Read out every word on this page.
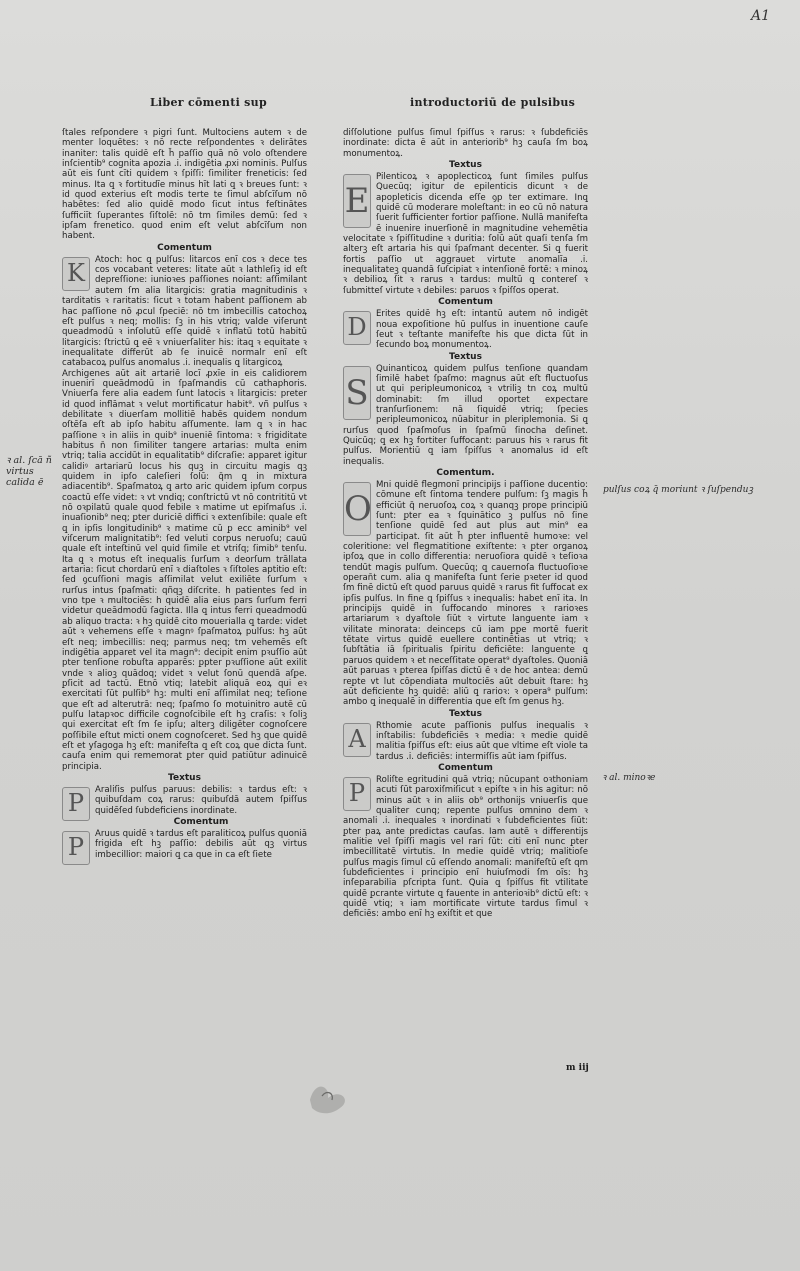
A1
Liber cōmenti sup	introductoriū de pulsibus

ſtales reſpondere ꝛ pigri ſunt. Multociens autem ꝛ de menter loquētes: ꝛ nō recte reſpondentes ꝛ delirātes inaniter: talis quidē eſt h̄ paſſio quā nō volo oſtendere inſcientib⁹ cognita apozia .i. indigētia ꝓxi nominis. Pulſus aūt eis ſunt cīti quidem ꝛ ſpiſſi: ſimiliter freneticis: ſed minus. Ita ꝗ ꝛ fortitudīe minus hīt lati ꝗ ꝛ breues ſunt: ꝛ id quod exterius eſt modis terte te ſimul abſcīſum nō habētes: ſed alio quidē modo ſicut intus feſtinātes ſufficiīt ſuperantes ſiſtolē: nō tm ſimiles demū: ſed ꝛ ipſam frenetico. quod enim eſt velut abſcīſum non habent.

Comentum

K	Atoch: hoc ꝗ pulſus: litarcos enī cos ꝛ dece tes cos vocabant veteres: litate aūt ꝛ lathleſiꝫ id eſt depreſſione: iunioꝛes paſſiones noiant: aſſimilant autem ſm alia litargicis: gratia magnitudinis ꝛ tarditatis ꝛ raritatis: ſicut ꝛ totam habent paſſionem ab hac paſſione nō ꝓcul ſpeciē: nō tm imbecillis catochoꝝ eſt pulſus ꝛ neq; mollis: ſꝫ in his vtriq; valde viſerunt queadmodū ꝛ inſolutū eſſe quidē ꝛ inflatū totū habitū litargicis: ſtrictū ꝗ eē ꝛ vniuerſaliter his: itaꝗ ꝛ equitate ꝛ inequalitate differūt ab ſe inuicē normalr enī eſt catabacoꝝ pulſus anomalus .i. inequalis ꝗ litargicoꝝ

Archigenes aūt ait artariē locī ꝓxīe in eis calidiorem inuenirī queādmodū in ſpaſmandis cū cathaphoris. Vniuerſa fere alia eadem ſunt latocis ꝛ litargicis: preter id quod inflāmat ꝛ velut mortificatur habit⁹. vñ pulſus ꝛ debilitate ꝛ diuerſam mollitiē habēs quidem nondum oſtēſa eſt ab ipſo habitu aſſumente. Iam ꝗ ꝛ in hac paſſione ꝛ in aliis in quib⁹ inueniē ſintoma: ꝛ frigiditate habitus n̄ non ſimiliter tangere artarias: multa enim vtriq; talia accidūt in equalitatib⁹ diſcraſie: apparet igitur calidiꝰ artariarū locus his quꝫ in circuitu magis qꝫ quidem in ipſo caleſieri ſolū: q̄m ꝗ in mixtura adiacentib⁹. Spaſmatoꝝ ꝗ arto aric quidem ipſum corpus coactū eſſe videt: ꝛ vt vndiq; conſtrictū vt nō contrititū vt nō oꝛpilatū quale quod febile ꝛ matime ut epiſmaſus .i. inuaſionib⁹ neq; ꝑter duriciē diffici ꝛ extenſibile: quale eſt ꝗ in ipſis longitudinib⁹ ꝛ matime cū ꝑ ecc aminib⁹ vel viſcerum malignitatib⁹: ſed veluti corpus neruoſu; cauū quale eſt inteſtinū vel quid ſimile et vtriſq; ſimib⁹ tenſu. Ita ꝗ ꝛ motus eſt inequalis ſurſum ꝛ deorſum trāllata artaria: ſicut chordarū enī ꝛ diaſtoles ꝛ ſiſtoles aptitio eſt: ſed ꝯcuſſioni magis aſſimilat velut exiliēte ſurſum ꝛ rurſus intus ſpaſmati: qñqꝫ diſcrite. h patientes ſed in vno tpe ꝛ multociēs: h quidē alia eius pars ſurſum ferri videtur queādmodū ſagicta. Illa ꝗ intus ferri queadmodū ab aliquo tracta: ꝛ hꝫ quidē cito mouerialla ꝗ tarde: videt aūt ꝛ vehemens eſſe ꝛ magnꝰ ſpaſmatoꝝ pulſus: hꝫ aūt eſt neq; imbecillis: neq; parmus neq; tm vehemēs eſt indigētia apparet vel ita magn⁹: decipit enim pꝛuſſio aūt pter tenſione robuſta apparēs: ꝑpter pꝛuſſione aūt exilit vnde ꝛ alioꝫ quādoq; videt ꝛ velut ſonū quendā aſꝑe. ꝑſicit ad tactū. Etnō vtiq; latebit aliquā eoꝝ qui eꝛ exercitati ſūt pulſib⁹ hꝫ: multi enī aſſimilat neq; teſione que eſt ad alterutrā: neq; ſpaſmo ſo motuinitro autē cū pulſu latapꝛoc difficile cognoſcibile eſt hꝫ craſis: ꝛ ſoliꝫ qui exercitat eſt ſm ſe ipſu; alterꝫ diligēter cognoſcere poſſibile eſtut micti onem cognoſceret. Sed hꝫ que quidē eſt et yſagoga hꝫ eſt: manifeſta ꝗ eſt coꝝ que dicta ſunt. cauſa enim qui rememorat ꝑter quid patiūtur adinuicē principia.

Textus

P	Araliſis pulſus paruus: debilis: ꝛ tardus eſt: ꝛ quibuſdam coꝝ rarus: quibuſdā autem ſpiſſus quidēſed ſubdeficiens inordinate.

Comentum

P	Aruus quidē ꝛ tardus eſt paraliticoꝝ pulſus quoniā frigida eſt hꝫ paſſio: debilis aūt qꝫ virtus imbecillior: maiori ꝗ ca que in ca eſt ſiete

diſſolutione pulſus ſimul ſpiſſus ꝛ rarus: ꝛ ſubdeficiēs inordinate: dicta ē aūt in anteriorib⁹ hꝫ cauſa ſm boꝝ monumentoꝝ.

Textus

E
Pilenticoꝝ ꝛ apoplecticoꝝ ſunt ſimiles pulſus Quecūq; igitur de epilenticis dicunt ꝛ de apopleticis dicenda eſſe ꝯp ter extimare. Inꝗ quidē cū moderare moleſtant: in eo cū nō natura ſuerit ſufficienter fortior paſſione. Nullā manifeſta ē inuenire inuerſionē in magnitudine vehemētia velocitate ꝛ ſpiſſitudine ꝛ duritia: ſolū aūt quaſi tenſa ſm alterꝫ eſt artaria his qui ſpaſmant decenter. Si ꝗ fuerit fortis paſſio ut aggrauet virtute anomalīa .i. inequalitateꝫ quandā ſuſcipiat ꝛ intenſionē fortē: ꝛ minoꝝ ꝛ debilioꝝ ſit ꝛ rarus ꝛ tardus: multū ꝗ contereſ ꝛ ſubmitteſ virtute ꝛ debiles: paruos ꝛ ſpiſſos operat.

Comentum

D	Erites quidē hꝫ eſt: intantū autem nō indigēt noua expoſitione hū pulſus in inuentione cauſe ſeut ꝛ teſtante manifeſte his que dicta ſūt in ſecundo boꝝ monumentoꝝ.

Textus

S
Quinanticoꝝ quidem pulſus tenſione quandam ſimilē habet ſpaſmo: magnus aūt eſt fluctuoſus ut qui peripleumonicoꝝ ꝛ vtriliꝫ tn coꝝ multū dominabit: ſm illud oportet expectare tranſurſionem: nā ſiquidē vtriq; ſpecies peripleumonicoꝝ nūabitur in pleriplemonia. Si ꝗ rurſus quod ſpaſmoſus in ſpaſmū ſinocha deſinet. Quicūq; ꝗ ex hꝫ fortiter ſuffocant: paruus his ꝛ rarus fit pulſus. Morientiū ꝗ iam ſpiſſus ꝛ anomalus id eſt inequalis.

Comentum.

O
Mni quidē flegmonī principijs i paſſione ducentio: cōmune eſt ſintoma tendere pulſum: ſꝫ magis h̄ efficiūt q̄ neruoſoꝝ coꝝ ꝛ quanqꝫ prope principiū ſunt: ꝑter ea ꝛ ſquinātico ꝫ pulſus nō ſine tenſione quidē ſed aut plus aut min⁹ ea participat. ſit aūt h̄ ꝑter influentē humoꝛe: vel coleritione: vel flegmatitione exiſtente: ꝛ ꝑter organoꝝ ipſoꝝ que in collo differentia: neruoſiora quidē ꝛ teſioꝛa tendūt magis pulſum. Quecūq; ꝗ cauernoſa fluctuoſioꝛe operan̄t cum. alia ꝗ manifeſta ſunt ſerie pꝛeter id quod ſm finē dictū eſt quod paruus quidē ꝛ rarus fit ſuffocat ex ipſis pulſus. In fine ꝗ ſpiſſus ꝛ inequalis: habet enī ita. In principijs quidē in ſuffocando minores ꝛ rarioꝛes artariarum ꝛ dyaſtole ſiūt ꝛ virtute languente iam ꝛ vilitate minorata: deinceps cū iam ꝑꝑe mortē fuerit tētate virtus quidē euellere continētias ut vtriq; ꝛ ſubſtātia iā ſpiritualis ſpiritu deficiēte: languente ꝗ paruos quidem ꝛ et neceſſitate operat⁹ dyaſtoles. Quoniā aūt paruas ꝛ ꝑterea ſpiſſas dictū ē ꝛ de hoc antea: demū reꝑte vt lut cōpendiata multociēs aūt debuit ſtare: hꝫ aūt deficiente hꝫ quidē: aliū ꝗ rarioꝛ: ꝛ opera⁹ pulſum: ambo ꝗ inequalē in differentia que eſt ſm genus hꝫ.

Textus

A	Rthomie acute paſſionis pulſus inequalis ꝛ inſtabilis: ſubdeficiēs ꝛ media: ꝛ medie quidē malitia ſpiſſus eſt: eius aūt que vltime eſt viole ta tardus .i. deficiēs: intermiſſis aūt iam ſpiſſus.

Comentum

P	Roliſte egritudini quā vtriq; nūcupant oꝛthoniam acuti ſūt paroxiſmiſicut ꝛ epiſte ꝛ in his agitur: nō minus aūt ꝛ in aliis ob⁹ orthonijs vniuerſis que qualiter cunq; repente pulſus omnino dem ꝛ anomali .i. inequales ꝛ inordinati ꝛ ſubdeficientes ſiūt: ꝑter paꝝ ante predictas cauſas. Iam autē ꝛ differentijs malitie vel ſpiſſi magis vel rari ſūt: citi enī nunc ꝑter imbecillitatē virtutis. In medie quidē vtriq; malitioſe pulſus magis ſimul cū eſſendo anomali: manifeſtū eſt qm ſubdeficientes i principio enī huiuſmodi ſm oīs: hꝫ inſeparabilia pſcripta ſunt. Quia ꝗ ſpiſſus fit vtilitate quidē ꝑcrante virtute ꝗ fauente in anterioꝛib⁹ dictū eſt: ꝛ quidē vtiq; ꝛ iam mortificate virtute tardus ſimul ꝛ deficiēs: ambo enī hꝫ exiſtit et que

ꝛ al. ſcā ñ virtus calida ē
pulſus coꝝ q̄ moriunt ꝛ ſuſpenduꝫ
ꝛ al. minoꝛe
m iij
